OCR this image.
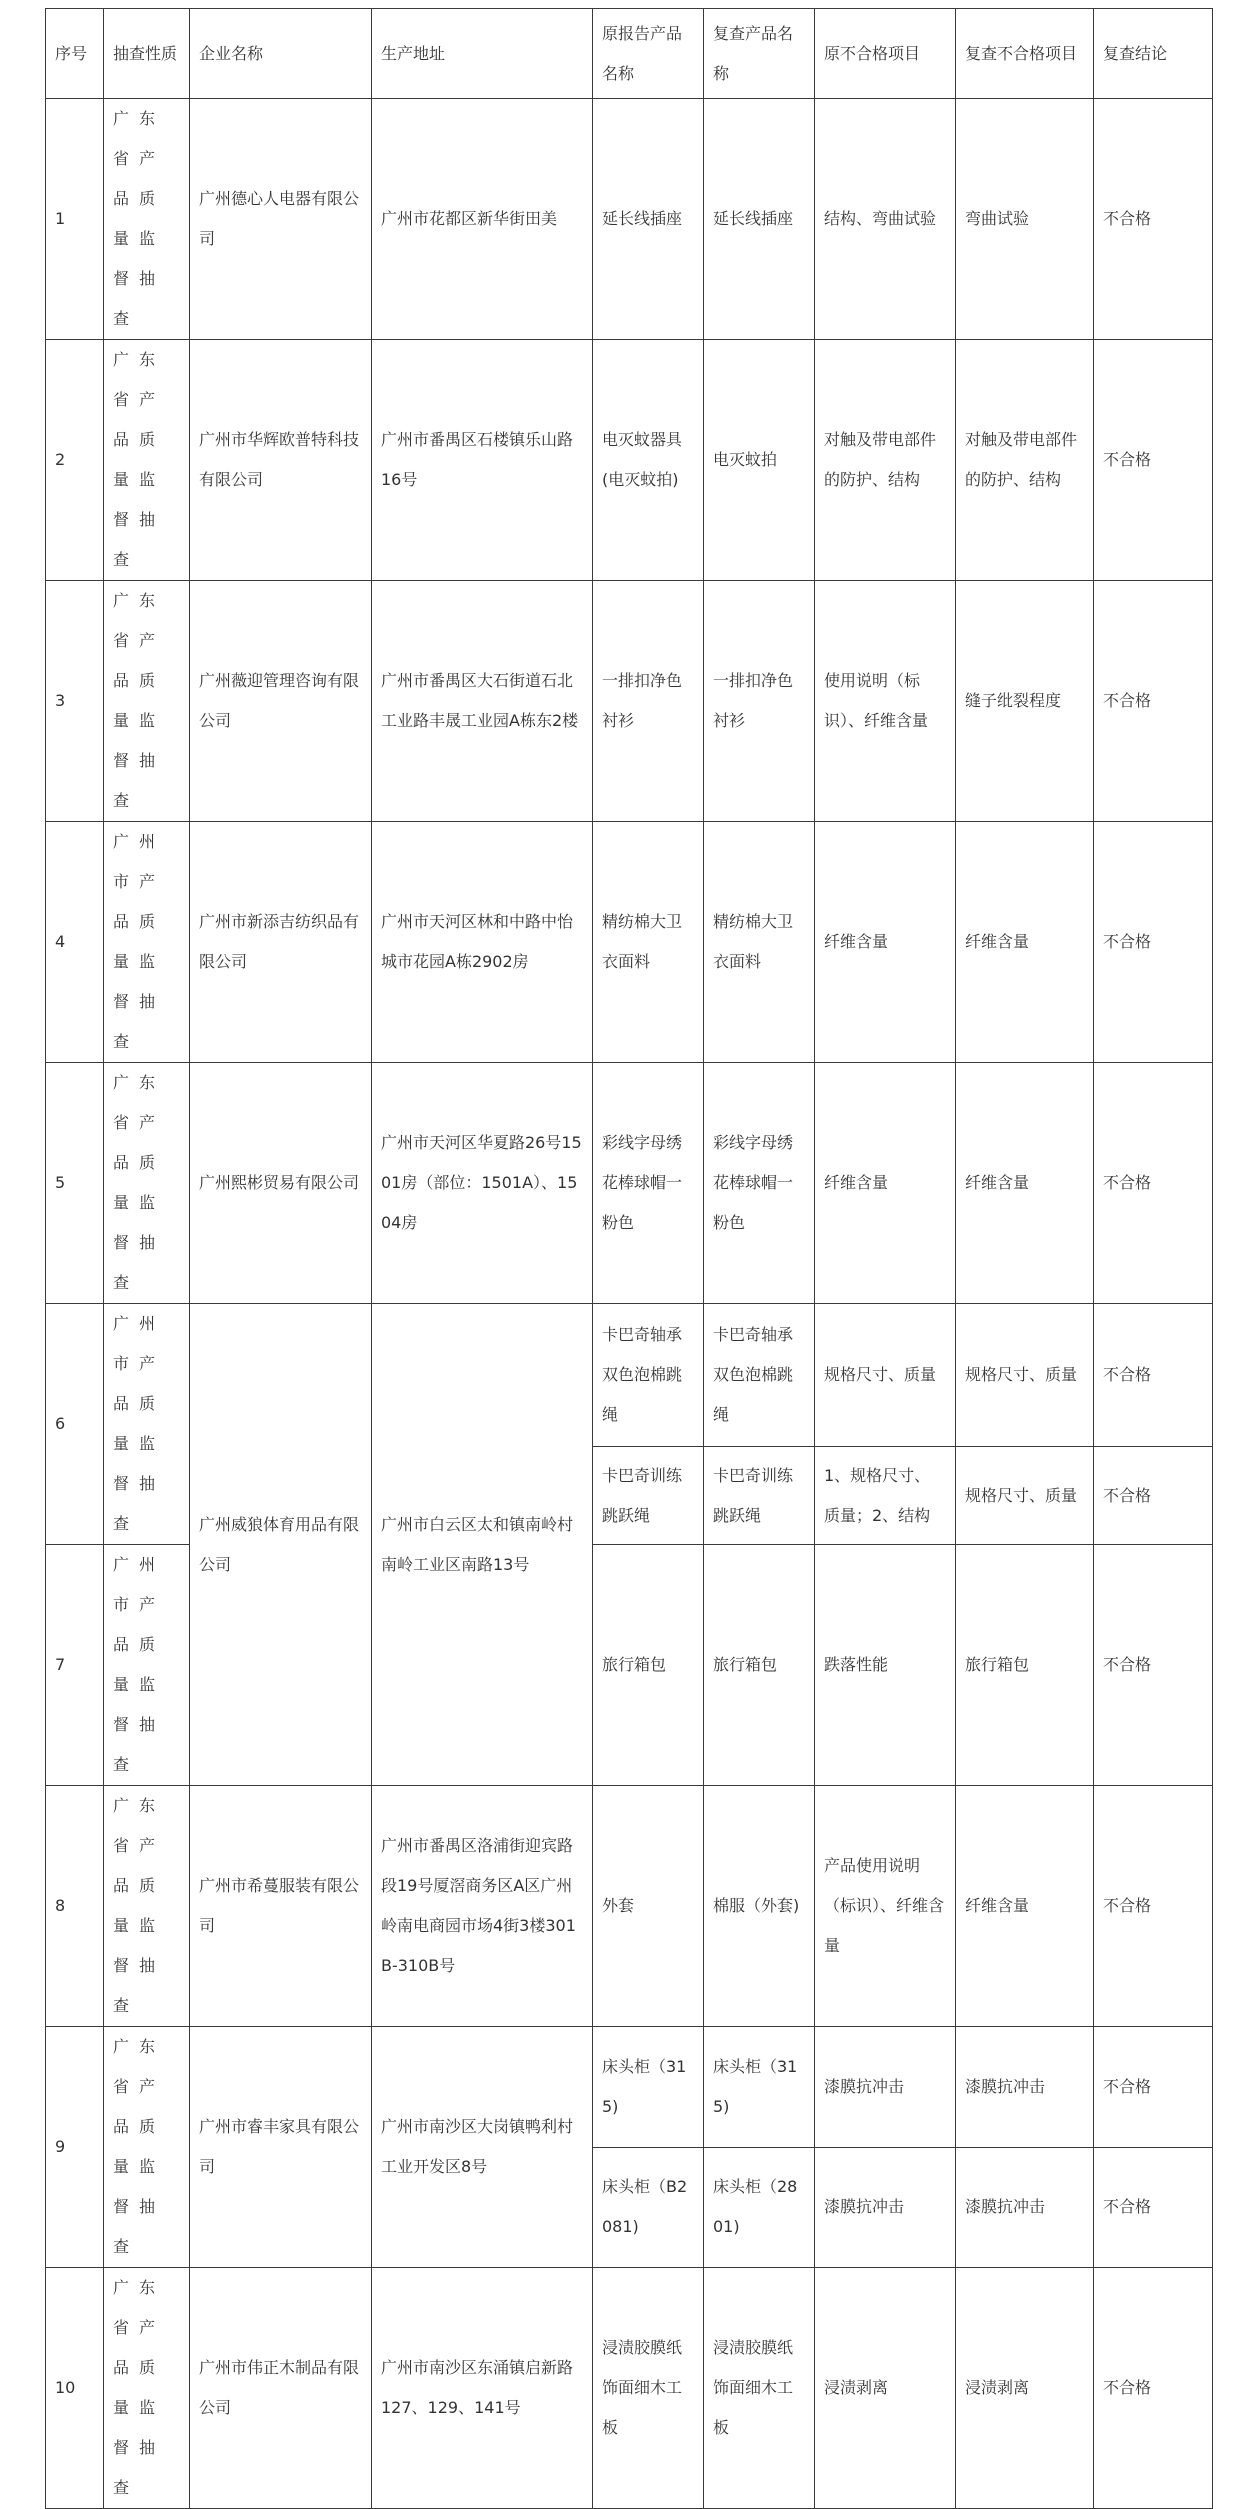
序号	抽查性质	企业名称	生产地址	原报告产品名称	复查产品名称	原不合格项目	复查不合格项目	复查结论
1	广东省产品质量监督抽查	广州德心人电器有限公司	广州市花都区新华街田美	延长线插座	延长线插座	结构、弯曲试验	弯曲试验	不合格
2	广东省产品质量监督抽查	广州市华辉欧普特科技有限公司	广州市番禺区石楼镇乐山路16号	电灭蚊器具(电灭蚊拍)	电灭蚊拍	对触及带电部件的防护、结构	对触及带电部件的防护、结构	不合格
3	广东省产品质量监督抽查	广州薇迎管理咨询有限公司	广州市番禺区大石街道石北工业路丰晟工业园A栋东2楼	一排扣净色衬衫	一排扣净色衬衫	使用说明（标识）、纤维含量	缝子纰裂程度	不合格
4	广州市产品质量监督抽查	广州市新添吉纺织品有限公司	广州市天河区林和中路中怡城市花园A栋2902房	精纺棉大卫衣面料	精纺棉大卫衣面料	纤维含量	纤维含量	不合格
5	广东省产品质量监督抽查	广州熙彬贸易有限公司	广州市天河区华夏路26号1501房（部位：1501A）、1504房	彩线字母绣花棒球帽一粉色	彩线字母绣花棒球帽一粉色	纤维含量	纤维含量	不合格
6	广州市产品质量监督抽查	广州威狼体育用品有限公司	广州市白云区太和镇南岭村南岭工业区南路13号	卡巴奇轴承双色泡棉跳绳	卡巴奇轴承双色泡棉跳绳	规格尺寸、质量	规格尺寸、质量	不合格
				卡巴奇训练跳跃绳	卡巴奇训练跳跃绳	1、规格尺寸、质量；2、结构	规格尺寸、质量	不合格
7	广州市产品质量监督抽查			旅行箱包	旅行箱包	跌落性能	旅行箱包	不合格
8	广东省产品质量监督抽查	广州市希蔓服装有限公司	广州市番禺区洛浦街迎宾路段19号厦滘商务区A区广州岭南电商园市场4街3楼301B-310B号	外套	棉服（外套)	产品使用说明（标识）、纤维含量	纤维含量	不合格
9	广东省产品质量监督抽查	广州市睿丰家具有限公司	广州市南沙区大岗镇鸭利村工业开发区8号	床头柜（315)	床头柜（315)	漆膜抗冲击	漆膜抗冲击	不合格
				床头柜（B2081)	床头柜（2801)	漆膜抗冲击	漆膜抗冲击	不合格
10	广东省产品质量监督抽查	广州市伟正木制品有限公司	广州市南沙区东涌镇启新路127、129、141号	浸渍胶膜纸饰面细木工板	浸渍胶膜纸饰面细木工板	浸渍剥离	浸渍剥离	不合格
